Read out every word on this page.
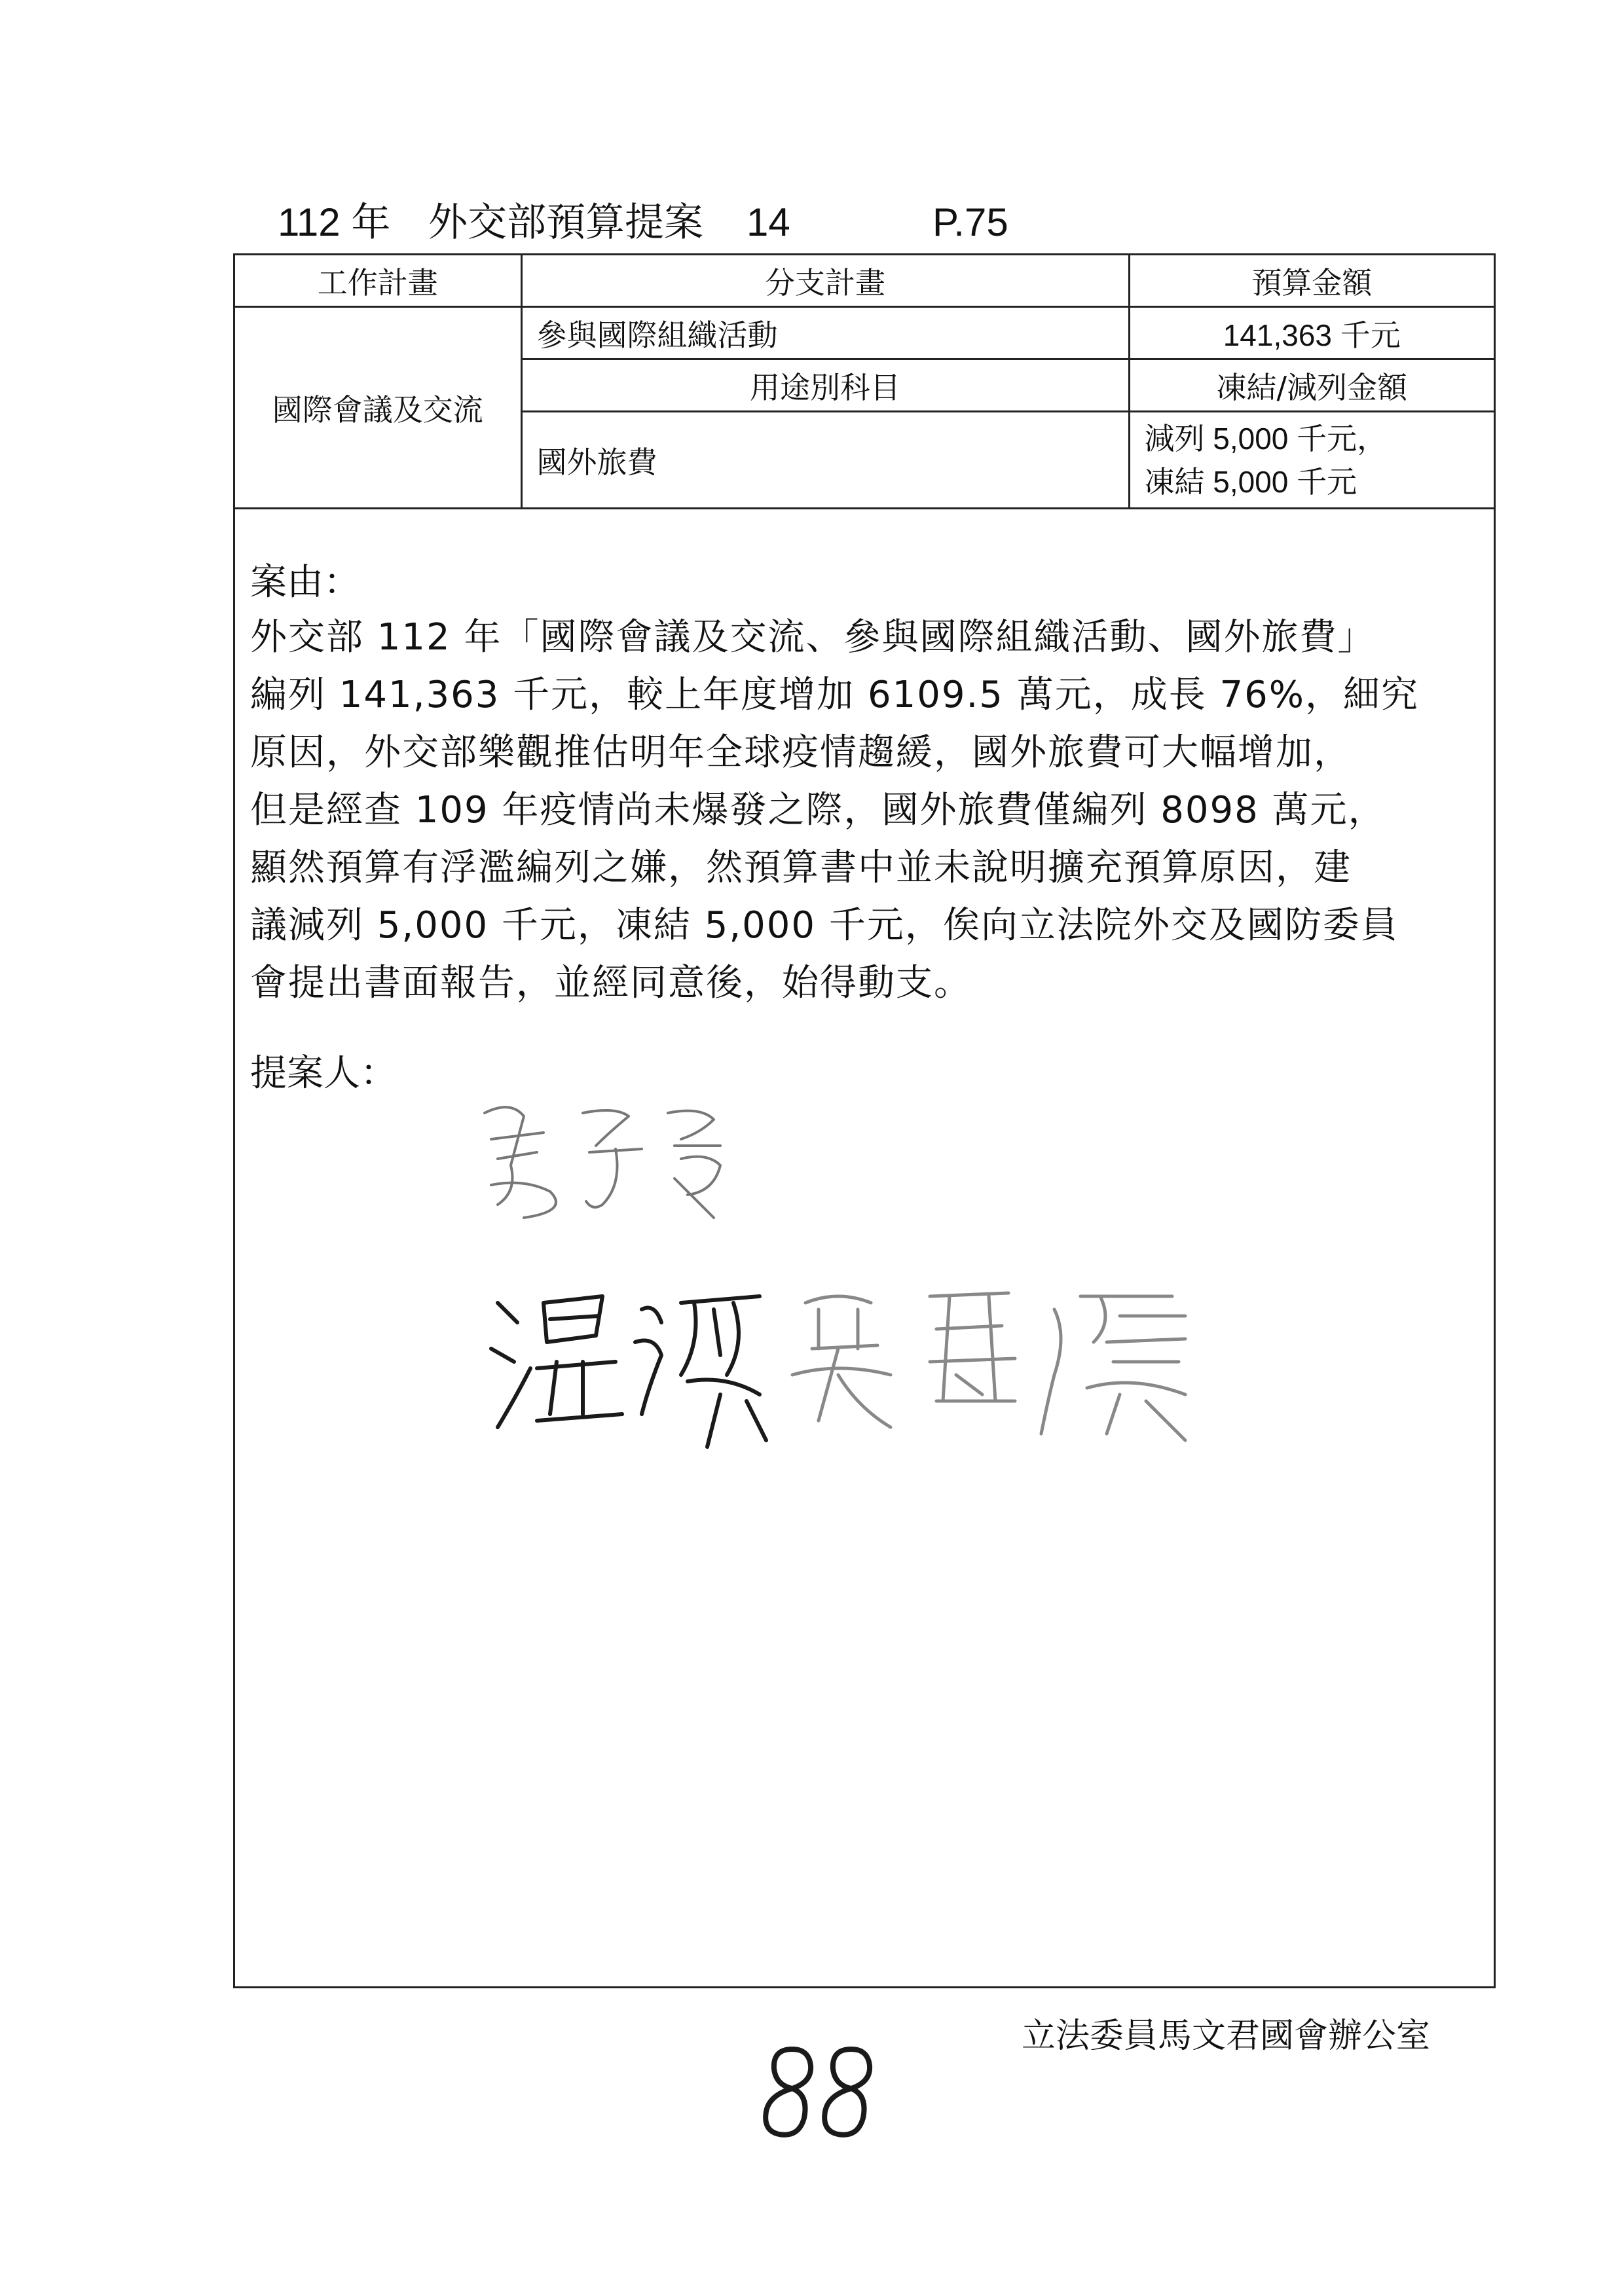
112 年 外交部預算提案 14	P.75
工作計畫	分支計畫	預算金額
國際會議及交流	參與國際組織活動	141,363 千元
	用途別科目	凍結/減列金額
	國外旅費	減列 5,000 千元，
凍結 5,000 千元
案由：
外交部 112 年「國際會議及交流、參與國際組織活動、國外旅費」
編列 141,363 千元，較上年度增加 6109.5 萬元，成長 76%，細究
原因，外交部樂觀推估明年全球疫情趨緩，國外旅費可大幅增加，
但是經查 109 年疫情尚未爆發之際，國外旅費僅編列 8098 萬元，
顯然預算有浮濫編列之嫌，然預算書中並未說明擴充預算原因，建
議減列 5,000 千元，凍結 5,000 千元，俟向立法院外交及國防委員
會提出書面報告，並經同意後，始得動支。
提案人：
立法委員馬文君國會辦公室
